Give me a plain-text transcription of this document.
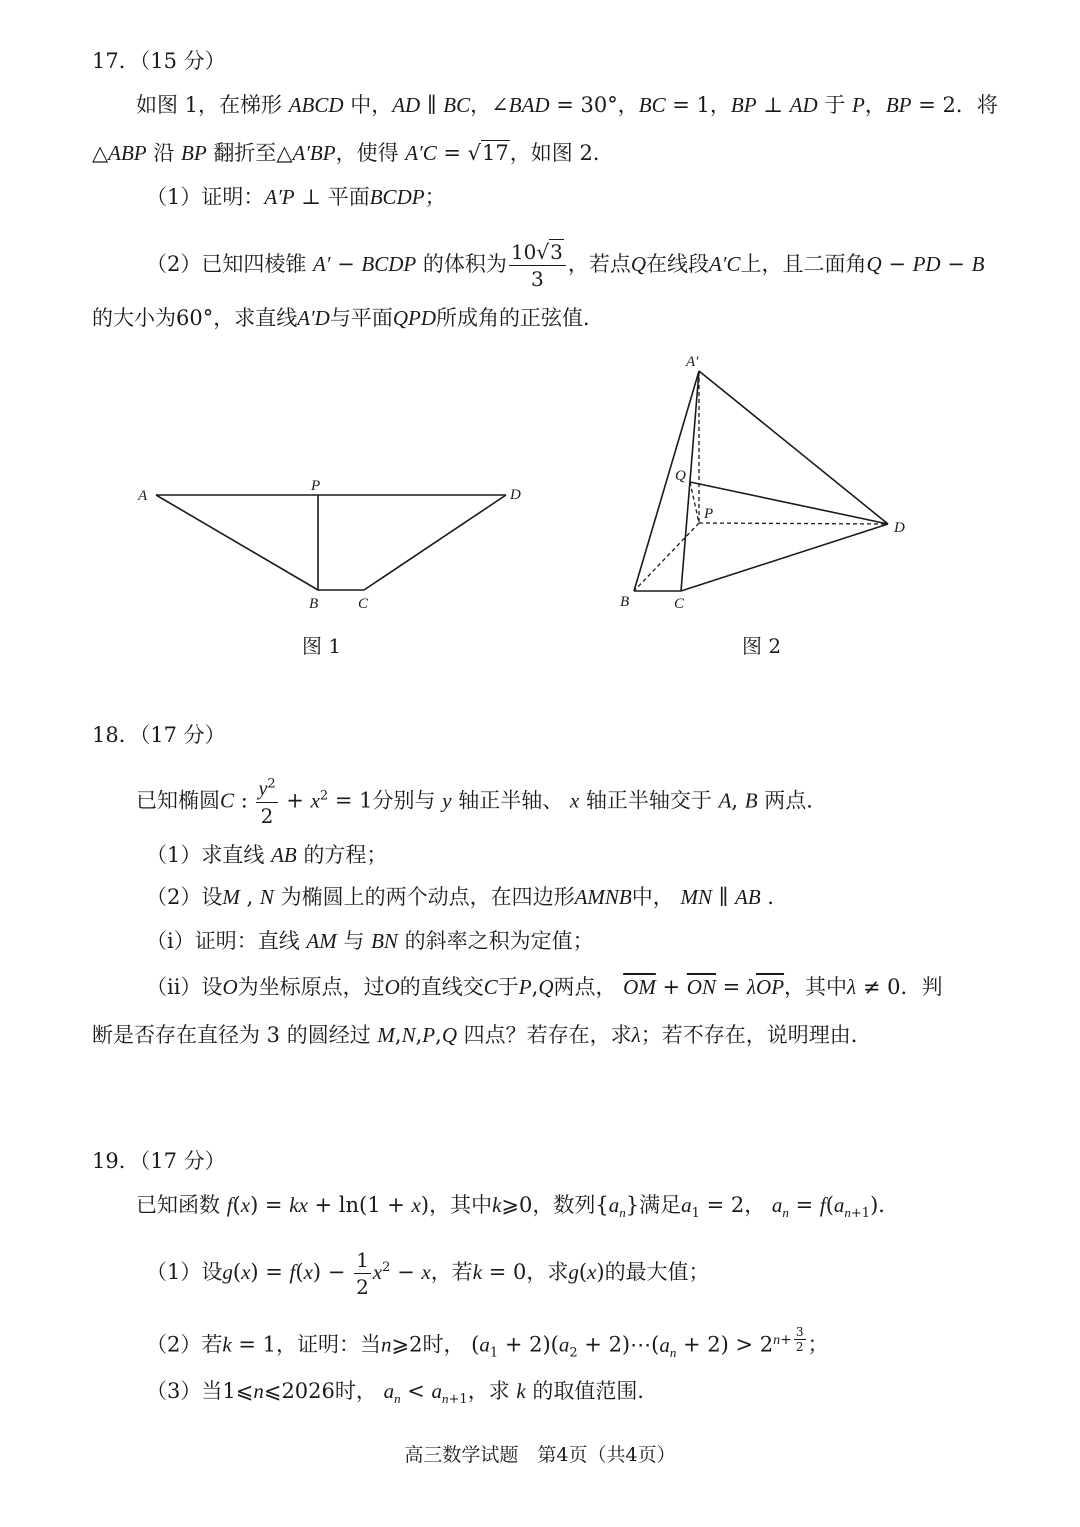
17．（15 分）
如图 1，在梯形 ABCD 中，AD ∥ BC，∠BAD = 30°，BC = 1，BP ⊥ AD 于 P，BP = 2．将
△ABP 沿 BP 翻折至△A′BP，使得 A′C = √17，如图 2．
（1）证明：A′P ⊥ 平面BCDP；
（2）已知四棱锥 A′ − BCDP 的体积为 $\frac{10√3}{3}$ ，若点Q在线段A′C上，且二面角Q − PD − B
的大小为60°，求直线A′D与平面QPD所成角的正弦值．
A
P
D
B	C
图 1
A′
Q
P
D
B	C
图 2
18．（17 分）
已知椭圆C : $\frac{y^2}{2} + x^2 = 1$分别与 y 轴正半轴、 x 轴正半轴交于 A, B 两点．
（1）求直线 AB 的方程；
（2）设M , N 为椭圆上的两个动点，在四边形AMNB中， MN ∥ AB ．
（i）证明：直线 AM 与 BN 的斜率之积为定值；
（ii）设O为坐标原点，过O的直线交C于P,Q两点， $\overline{OM} + \overline{ON} = \lambda\overline{OP}$，其中λ ≠ 0．判
断是否存在直径为 3 的圆经过 M,N,P,Q 四点？若存在，求λ；若不存在，说明理由．
19．（17 分）
已知函数 f(x) = kx + ln(1 + x)，其中k⩾0，数列$\{a_n\}$满足$a_1 = 2$， $a_n = f(a_{n+1})$．
（1）设$g(x) = f(x) - \frac{1}{2} x^2 - x$，若k = 0，求g(x)的最大值；
（2）若k = 1，证明：当n⩾2时， $(a_1 + 2)(a_2$ + $2)\cdots(a_n + 2) > 2^{n+ \frac{3}{2}}$ ；
（3）当1⩽n⩽2026时， $a_n < a_{n+1}$，求 k 的取值范围．
高三数学试题　第4页（共4页）
